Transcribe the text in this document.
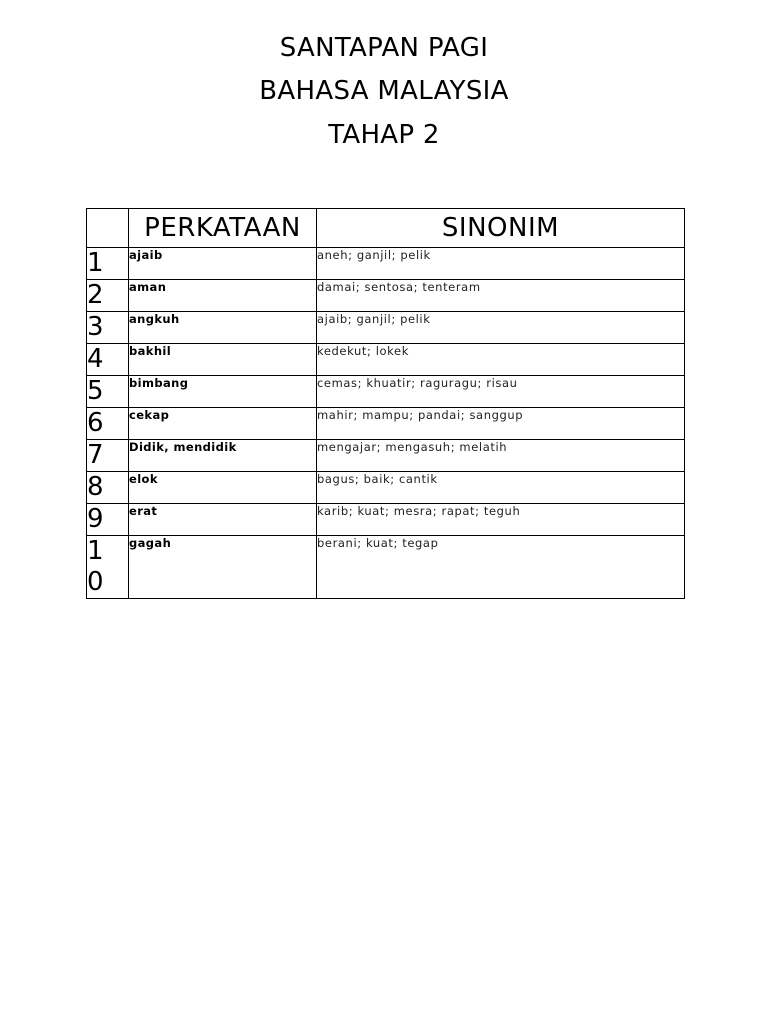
SANTAPAN PAGI
BAHASA MALAYSIA
TAHAP 2
	PERKATAAN	SINONIM

1	ajaib	aneh; ganjil; pelik

2	aman	damai; sentosa; tenteram

3	angkuh	ajaib; ganjil; pelik

4	bakhil	kedekut; lokek

5	bimbang	cemas; khuatir; raguragu; risau

6	cekap	mahir; mampu; pandai; sanggup

7	Didik, mendidik	mengajar; mengasuh; melatih

8	elok	bagus; baik; cantik

9	erat	karib; kuat; mesra; rapat; teguh

10	gagah	berani; kuat; tegap
